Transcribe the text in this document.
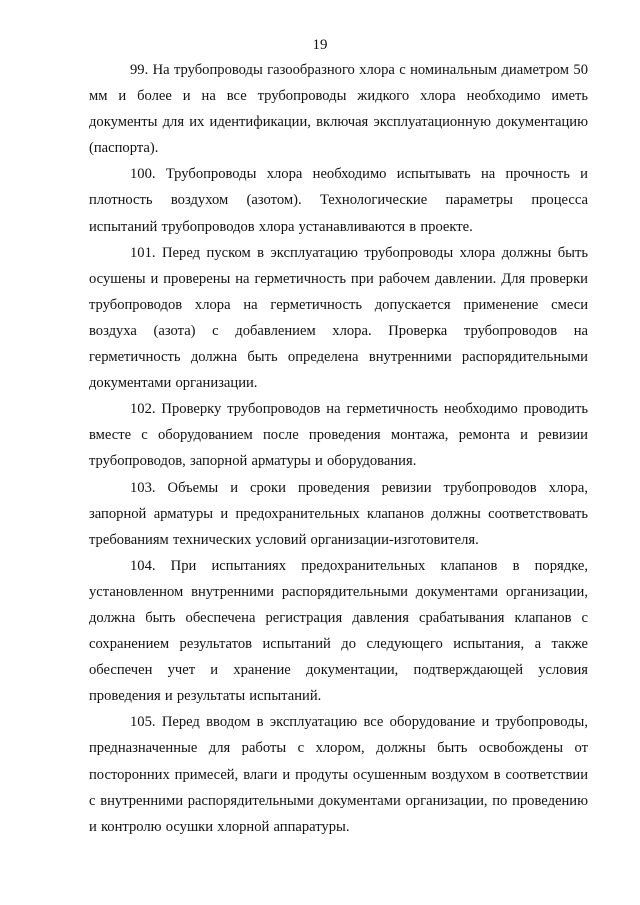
19

99. На трубопроводы газообразного хлора с номинальным диаметром 50 мм и более и на все трубопроводы жидкого хлора необходимо иметь документы для их идентификации, включая эксплуатационную документацию (паспорта).

100. Трубопроводы хлора необходимо испытывать на прочность и плотность воздухом (азотом). Технологические параметры процесса испытаний трубопроводов хлора устанавливаются в проекте.

101. Перед пуском в эксплуатацию трубопроводы хлора должны быть осушены и проверены на герметичность при рабочем давлении. Для проверки трубопроводов хлора на герметичность допускается применение смеси воздуха (азота) с добавлением хлора. Проверка трубопроводов на герметичность должна быть определена внутренними распорядительными документами организации.

102. Проверку трубопроводов на герметичность необходимо проводить вместе с оборудованием после проведения монтажа, ремонта и ревизии трубопроводов, запорной арматуры и оборудования.

103. Объемы и сроки проведения ревизии трубопроводов хлора, запорной арматуры и предохранительных клапанов должны соответствовать требованиям технических условий организации-изготовителя.

104. При испытаниях предохранительных клапанов в порядке, установленном внутренними распорядительными документами организации, должна быть обеспечена регистрация давления срабатывания клапанов с сохранением результатов испытаний до следующего испытания, а также обеспечен учет и хранение документации, подтверждающей условия проведения и результаты испытаний.

105. Перед вводом в эксплуатацию все оборудование и трубопроводы, предназначенные для работы с хлором, должны быть освобождены от посторонних примесей, влаги и продуты осушенным воздухом в соответствии с внутренними распорядительными документами организации, по проведению и контролю осушки хлорной аппаратуры.
